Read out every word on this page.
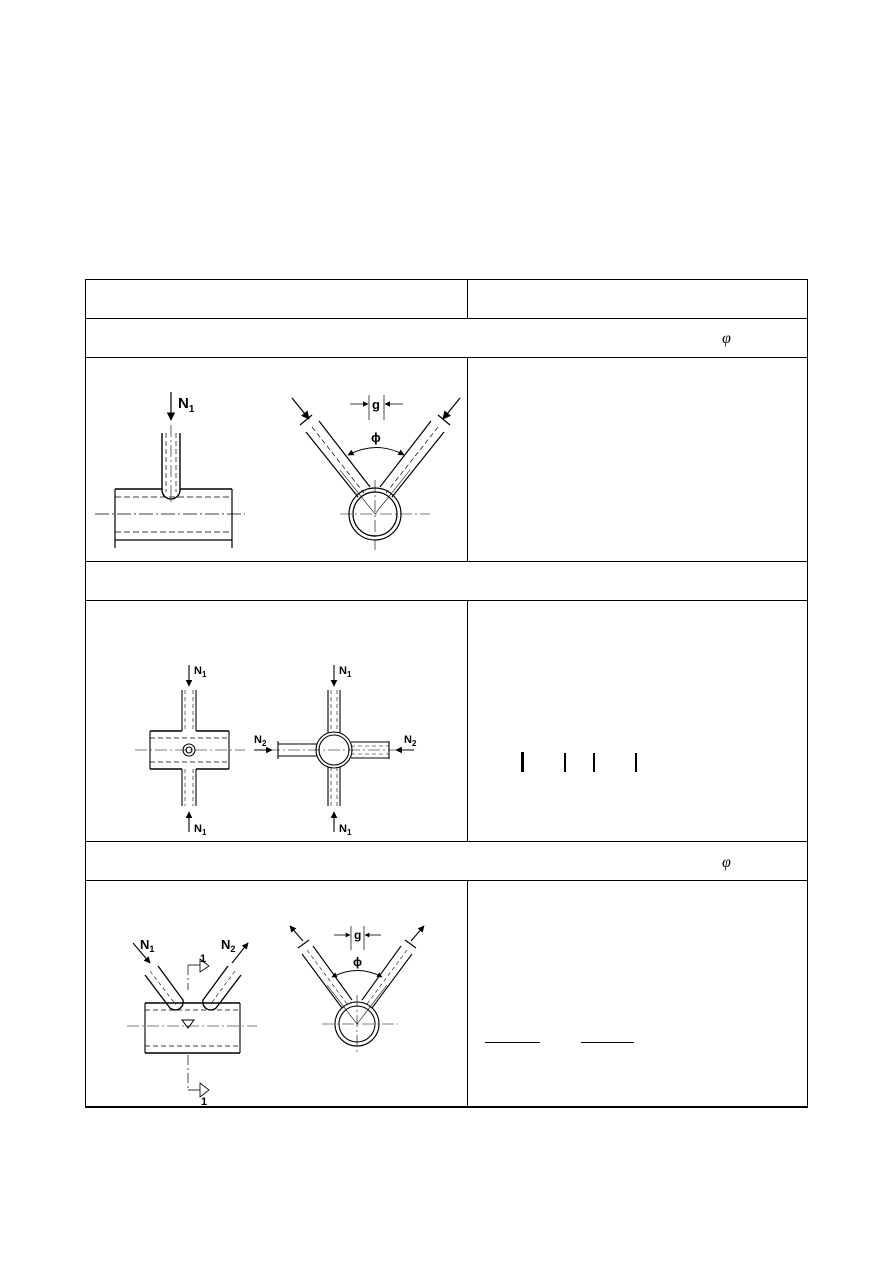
φ
φ
$N_1$	g
ϕ
$N_1$
$N_1$
$N_1$
$N_1$
$N_2$	$N_2$
$N_1$	$N_2$
1
1
g
ϕ
